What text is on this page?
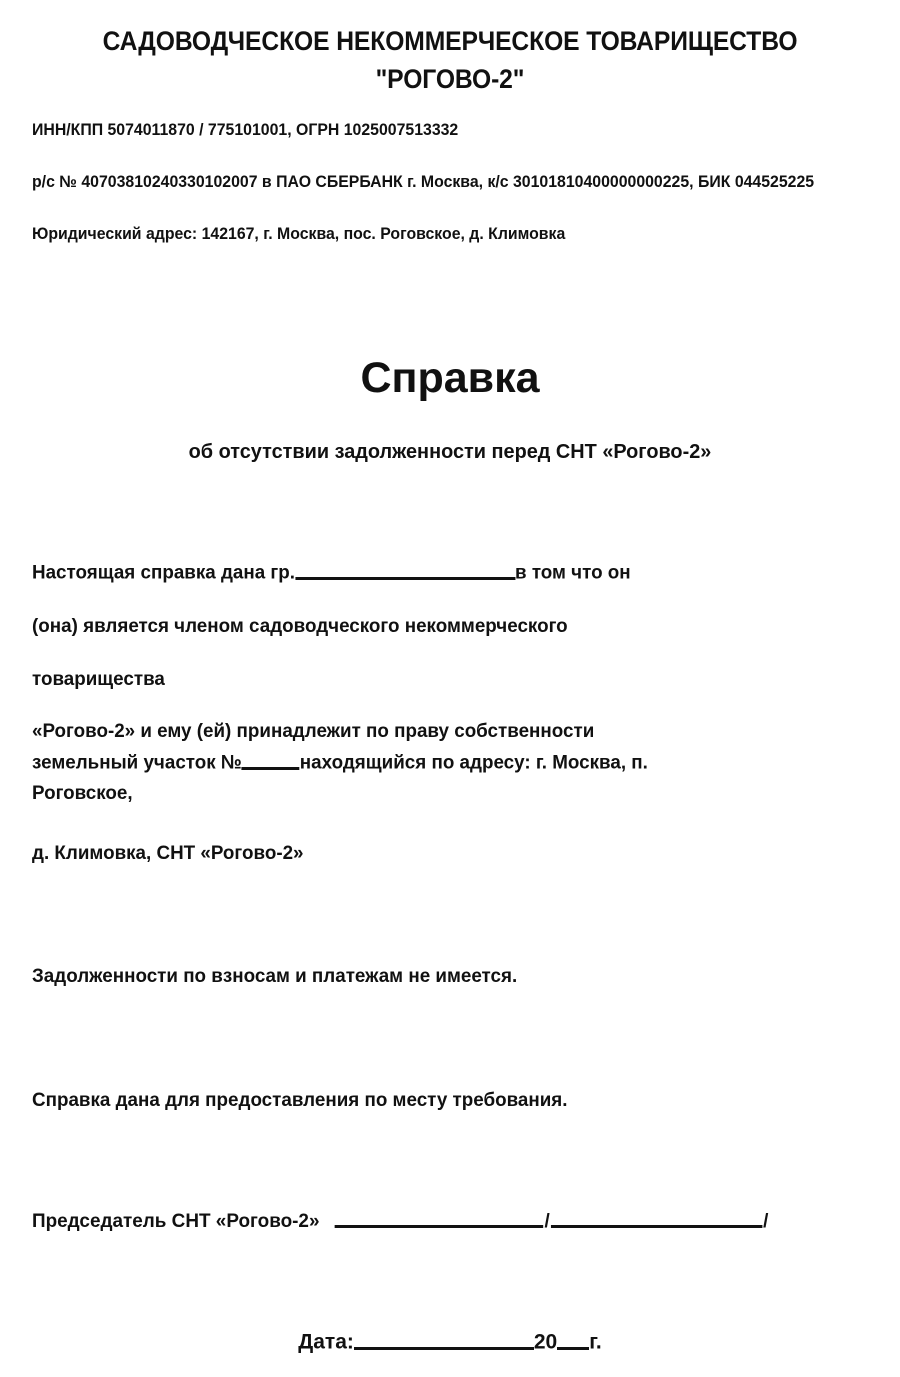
САДОВОДЧЕСКОЕ НЕКОММЕРЧЕСКОЕ ТОВАРИЩЕСТВО
"РОГОВО-2"
ИНН/КПП 5074011870 / 775101001, ОГРН 1025007513332
р/с № 40703810240330102007 в ПАО СБЕРБАНК г. Москва, к/с 30101810400000000225, БИК 044525225
Юридический адрес: 142167, г. Москва, пос. Роговское, д. Климовка
Справка
об отсутствии задолженности перед СНТ «Рогово-2»
Настоящая справка дана гр.	в том что он
(она) является членом садоводческого некоммерческого
товарищества
«Рогово-2» и ему (ей) принадлежит по праву собственности
земельный участок №	находящийся по адресу: г. Москва, п.
Роговское,
д. Климовка, СНТ «Рогово-2»
Задолженности по взносам и платежам не имеется.
Справка дана для предоставления по месту требования.
Председатель СНТ «Рогово-2»	/	/
Дата:	20 г.
